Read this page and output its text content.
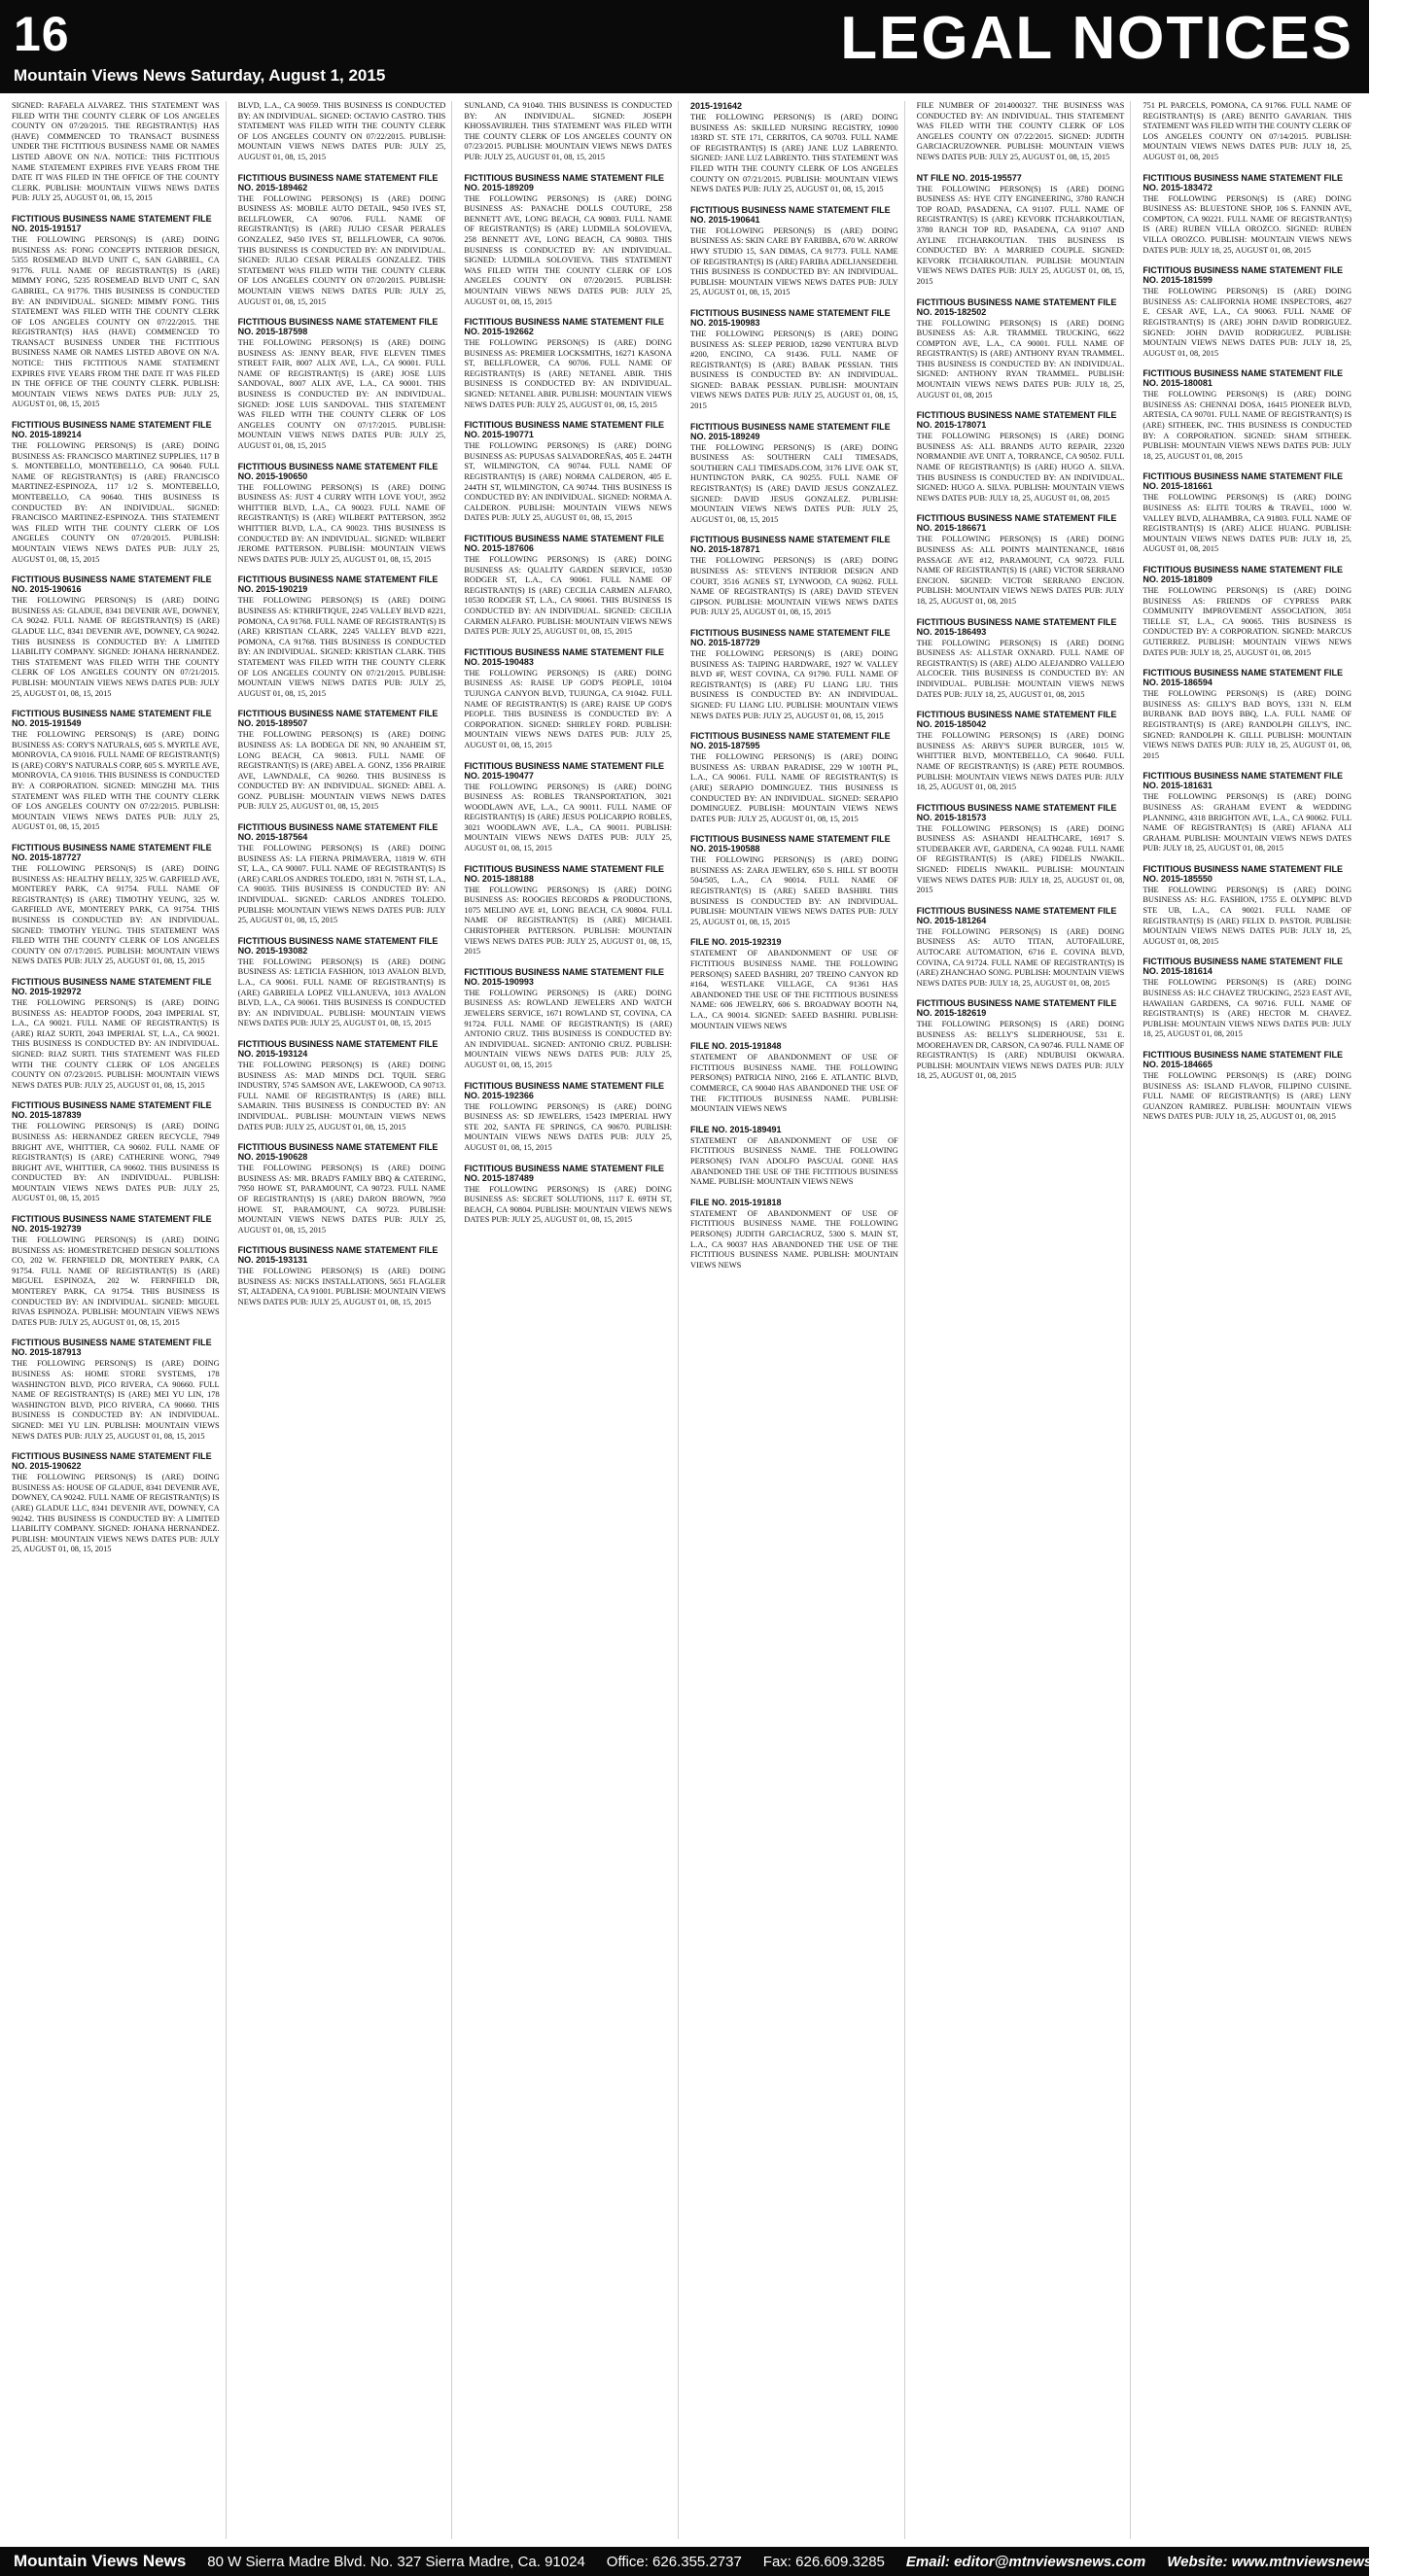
16	LEGAL NOTICES
Mountain Views News Saturday, August 1, 2015
SIGNED: RAFAELA ALVAREZ. THIS STATEMENT WAS FILED WITH THE COUNTY CLERK OF LOS ANGELES COUNTY ON 07/20/2015. THE REGISTRANT(S) HAS (HAVE) COMMENCED TO TRANSACT BUSINESS UNDER THE FICTITIOUS BUSINESS NAME OR NAMES LISTED ABOVE ON N/A. NOTICE: THIS FICTITIOUS NAME STATEMENT EXPIRES FIVE YEARS FROM THE DATE IT WAS FILED IN THE OFFICE OF THE COUNTY CLERK. PUBLISH: MOUNTAIN VIEWS NEWS DATES PUB: JULY 25, AUGUST 01, 08, 15, 2015
FICTITIOUS BUSINESS NAME STATEMENT FILE NO. 2015-191517
THE FOLLOWING PERSON(S) IS (ARE) DOING BUSINESS AS: FONG CONCEPTS INTERIOR DESIGN, 5355 ROSEMEAD BLVD UNIT C, SAN GABRIEL, CA 91776. FULL NAME OF REGISTRANT(S) IS (ARE) MIMMY FONG, 5235 ROSEMEAD BLVD UNIT C, SAN GABRIEL, CA 91776. THIS BUSINESS IS CONDUCTED BY: AN INDIVIDUAL. SIGNED: MIMMY FONG. THIS STATEMENT WAS FILED WITH THE COUNTY CLERK OF LOS ANGELES COUNTY ON 07/22/2015. THE REGISTRANT(S) HAS (HAVE) COMMENCED TO TRANSACT BUSINESS UNDER THE FICTITIOUS BUSINESS NAME OR NAMES LISTED ABOVE ON N/A. NOTICE: THIS FICTITIOUS NAME STATEMENT EXPIRES FIVE YEARS FROM THE DATE IT WAS FILED IN THE OFFICE OF THE COUNTY CLERK. PUBLISH: MOUNTAIN VIEWS NEWS DATES PUB: JULY 25, AUGUST 01, 08, 15, 2015
FICTITIOUS BUSINESS NAME STATEMENT FILE NO. 2015-189214
THE FOLLOWING PERSON(S) IS (ARE) DOING BUSINESS AS: FRANCISCO MARTINEZ SUPPLIES, 117 B S. MONTEBELLO, MONTEBELLO, CA 90640. FULL NAME OF REGISTRANT(S) IS (ARE) FRANCISCO MARTINEZ-ESPINOZA, 117 1/2 S. MONTEBELLO, MONTEBELLO, CA 90640. THIS BUSINESS IS CONDUCTED BY: AN INDIVIDUAL. SIGNED: FRANCISCO MARTINEZ-ESPINOZA. THIS STATEMENT WAS FILED WITH THE COUNTY CLERK OF LOS ANGELES COUNTY ON 07/20/2015. PUBLISH: MOUNTAIN VIEWS NEWS DATES PUB: JULY 25, AUGUST 01, 08, 15, 2015
FICTITIOUS BUSINESS NAME STATEMENT FILE NO. 2015-190616
THE FOLLOWING PERSON(S) IS (ARE) DOING BUSINESS AS: GLADUE, 8341 DEVENIR AVE, DOWNEY, CA 90242. FULL NAME OF REGISTRANT(S) IS (ARE) GLADUE LLC, 8341 DEVENIR AVE, DOWNEY, CA 90242. THIS BUSINESS IS CONDUCTED BY: A LIMITED LIABILITY COMPANY. SIGNED: JOHANA HERNANDEZ. THIS STATEMENT WAS FILED WITH THE COUNTY CLERK OF LOS ANGELES COUNTY ON 07/21/2015. PUBLISH: MOUNTAIN VIEWS NEWS DATES PUB: JULY 25, AUGUST 01, 08, 15, 2015
FICTITIOUS BUSINESS NAME STATEMENT FILE NO. 2015-191549
THE FOLLOWING PERSON(S) IS (ARE) DOING BUSINESS AS: CORY'S NATURALS, 605 S. MYRTLE AVE, MONROVIA, CA 91016. FULL NAME OF REGISTRANT(S) IS (ARE) CORY'S NATURALS CORP, 605 S. MYRTLE AVE, MONROVIA, CA 91016. THIS BUSINESS IS CONDUCTED BY: A CORPORATION. SIGNED: MINGZHI MA. THIS STATEMENT WAS FILED WITH THE COUNTY CLERK OF LOS ANGELES COUNTY ON 07/22/2015. PUBLISH: MOUNTAIN VIEWS NEWS DATES PUB: JULY 25, AUGUST 01, 08, 15, 2015
FICTITIOUS BUSINESS NAME STATEMENT FILE NO. 2015-187727
THE FOLLOWING PERSON(S) IS (ARE) DOING BUSINESS AS: HEALTHY BELLY, 325 W. GARFIELD AVE, MONTEREY PARK, CA 91754. FULL NAME OF REGISTRANT(S) IS (ARE) TIMOTHY YEUNG, 325 W. GARFIELD AVE, MONTEREY PARK, CA 91754. THIS BUSINESS IS CONDUCTED BY: AN INDIVIDUAL. SIGNED: TIMOTHY YEUNG. THIS STATEMENT WAS FILED WITH THE COUNTY CLERK OF LOS ANGELES COUNTY ON 07/17/2015. PUBLISH: MOUNTAIN VIEWS NEWS DATES PUB: JULY 25, AUGUST 01, 08, 15, 2015
FICTITIOUS BUSINESS NAME STATEMENT FILE NO. 2015-192972
THE FOLLOWING PERSON(S) IS (ARE) DOING BUSINESS AS: HEADTOP FOODS, 2043 IMPERIAL ST, L.A., CA 90021. FULL NAME OF REGISTRANT(S) IS (ARE) RIAZ SURTI, 2043 IMPERIAL ST, L.A., CA 90021. THIS BUSINESS IS CONDUCTED BY: AN INDIVIDUAL. SIGNED: RIAZ SURTI. THIS STATEMENT WAS FILED WITH THE COUNTY CLERK OF LOS ANGELES COUNTY ON 07/23/2015. PUBLISH: MOUNTAIN VIEWS NEWS DATES PUB: JULY 25, AUGUST 01, 08, 15, 2015
FICTITIOUS BUSINESS NAME STATEMENT FILE NO. 2015-187839
THE FOLLOWING PERSON(S) IS (ARE) DOING BUSINESS AS: HERNANDEZ GREEN RECYCLE, 7949 BRIGHT AVE, WHITTIER, CA 90602. FULL NAME OF REGISTRANT(S) IS (ARE) CATHERINE WONG, 7949 BRIGHT AVE, WHITTIER, CA 90602. THIS BUSINESS IS CONDUCTED BY: AN INDIVIDUAL. PUBLISH: MOUNTAIN VIEWS NEWS DATES PUB: JULY 25, AUGUST 01, 08, 15, 2015
FICTITIOUS BUSINESS NAME STATEMENT FILE NO. 2015-192739
THE FOLLOWING PERSON(S) IS (ARE) DOING BUSINESS AS: HOMESTRETCHED DESIGN SOLUTIONS CO, 202 W. FERNFIELD DR, MONTEREY PARK, CA 91754. FULL NAME OF REGISTRANT(S) IS (ARE) MIGUEL ESPINOZA, 202 W. FERNFIELD DR, MONTEREY PARK, CA 91754. THIS BUSINESS IS CONDUCTED BY: AN INDIVIDUAL. SIGNED: MIGUEL RIVAS ESPINOZA. PUBLISH: MOUNTAIN VIEWS NEWS DATES PUB: JULY 25, AUGUST 01, 08, 15, 2015
FICTITIOUS BUSINESS NAME STATEMENT FILE NO. 2015-187913
THE FOLLOWING PERSON(S) IS (ARE) DOING BUSINESS AS: HOME STORE SYSTEMS, 178 WASHINGTON BLVD, PICO RIVERA, CA 90660. FULL NAME OF REGISTRANT(S) IS (ARE) MEI YU LIN, 178 WASHINGTON BLVD, PICO RIVERA, CA 90660. THIS BUSINESS IS CONDUCTED BY: AN INDIVIDUAL. SIGNED: MEI YU LIN. PUBLISH: MOUNTAIN VIEWS NEWS DATES PUB: JULY 25, AUGUST 01, 08, 15, 2015
FICTITIOUS BUSINESS NAME STATEMENT FILE NO. 2015-190622
THE FOLLOWING PERSON(S) IS (ARE) DOING BUSINESS AS: HOUSE OF GLADUE, 8341 DEVENIR AVE, DOWNEY, CA 90242. FULL NAME OF REGISTRANT(S) IS (ARE) GLADUE LLC, 8341 DEVENIR AVE, DOWNEY, CA 90242. THIS BUSINESS IS CONDUCTED BY: A LIMITED LIABILITY COMPANY. SIGNED: JOHANA HERNANDEZ. PUBLISH: MOUNTAIN VIEWS NEWS DATES PUB: JULY 25, AUGUST 01, 08, 15, 2015
BLVD, L.A., CA 90059. THIS BUSINESS IS CONDUCTED BY: AN INDIVIDUAL. SIGNED: OCTAVIO CASTRO. THIS STATEMENT WAS FILED WITH THE COUNTY CLERK OF LOS ANGELES COUNTY ON 07/22/2015. PUBLISH: MOUNTAIN VIEWS NEWS DATES PUB: JULY 25, AUGUST 01, 08, 15, 2015
FICTITIOUS BUSINESS NAME STATEMENT FILE NO. 2015-189462
THE FOLLOWING PERSON(S) IS (ARE) DOING BUSINESS AS: MOBILE AUTO DETAIL, 9450 IVES ST, BELLFLOWER, CA 90706. FULL NAME OF REGISTRANT(S) IS (ARE) JULIO CESAR PERALES GONZALEZ, 9450 IVES ST, BELLFLOWER, CA 90706. THIS BUSINESS IS CONDUCTED BY: AN INDIVIDUAL. SIGNED: JULIO CESAR PERALES GONZALEZ. THIS STATEMENT WAS FILED WITH THE COUNTY CLERK OF LOS ANGELES COUNTY ON 07/20/2015. PUBLISH: MOUNTAIN VIEWS NEWS DATES PUB: JULY 25, AUGUST 01, 08, 15, 2015
FICTITIOUS BUSINESS NAME STATEMENT FILE NO. 2015-187598
THE FOLLOWING PERSON(S) IS (ARE) DOING BUSINESS AS: JENNY BEAR, FIVE ELEVEN TIMES STREET FAIR, 8007 ALIX AVE, L.A., CA 90001. FULL NAME OF REGISTRANT(S) IS (ARE) JOSE LUIS SANDOVAL, 8007 ALIX AVE, L.A., CA 90001. THIS BUSINESS IS CONDUCTED BY: AN INDIVIDUAL. SIGNED: JOSE LUIS SANDOVAL. THIS STATEMENT WAS FILED WITH THE COUNTY CLERK OF LOS ANGELES COUNTY ON 07/17/2015. PUBLISH: MOUNTAIN VIEWS NEWS DATES PUB: JULY 25, AUGUST 01, 08, 15, 2015
FICTITIOUS BUSINESS NAME STATEMENT FILE NO. 2015-190650
THE FOLLOWING PERSON(S) IS (ARE) DOING BUSINESS AS: JUST 4 CURRY WITH LOVE YOU!, 3952 WHITTIER BLVD, L.A., CA 90023. FULL NAME OF REGISTRANT(S) IS (ARE) WILBERT PATTERSON, 3952 WHITTIER BLVD, L.A., CA 90023. THIS BUSINESS IS CONDUCTED BY: AN INDIVIDUAL. SIGNED: WILBERT JEROME PATTERSON. PUBLISH: MOUNTAIN VIEWS NEWS DATES PUB: JULY 25, AUGUST 01, 08, 15, 2015
FICTITIOUS BUSINESS NAME STATEMENT FILE NO. 2015-190219
THE FOLLOWING PERSON(S) IS (ARE) DOING BUSINESS AS: KTHRIFTIQUE, 2245 VALLEY BLVD #221, POMONA, CA 91768. FULL NAME OF REGISTRANT(S) IS (ARE) KRISTIAN CLARK, 2245 VALLEY BLVD #221, POMONA, CA 91768. THIS BUSINESS IS CONDUCTED BY: AN INDIVIDUAL. SIGNED: KRISTIAN CLARK. THIS STATEMENT WAS FILED WITH THE COUNTY CLERK OF LOS ANGELES COUNTY ON 07/21/2015. PUBLISH: MOUNTAIN VIEWS NEWS DATES PUB: JULY 25, AUGUST 01, 08, 15, 2015
FICTITIOUS BUSINESS NAME STATEMENT FILE NO. 2015-189507
THE FOLLOWING PERSON(S) IS (ARE) DOING BUSINESS AS: LA BODEGA DE NN, 90 ANAHEIM ST, LONG BEACH, CA 90813. FULL NAME OF REGISTRANT(S) IS (ARE) ABEL A. GONZ, 1356 PRAIRIE AVE, LAWNDALE, CA 90260. THIS BUSINESS IS CONDUCTED BY: AN INDIVIDUAL. SIGNED: ABEL A. GONZ. PUBLISH: MOUNTAIN VIEWS NEWS DATES PUB: JULY 25, AUGUST 01, 08, 15, 2015
FICTITIOUS BUSINESS NAME STATEMENT FILE NO. 2015-187564
THE FOLLOWING PERSON(S) IS (ARE) DOING BUSINESS AS: LA FIERNA PRIMAVERA, 11819 W. 6TH ST, L.A., CA 90007. FULL NAME OF REGISTRANT(S) IS (ARE) CARLOS ANDRES TOLEDO, 1831 N. 76TH ST, L.A., CA 90035. THIS BUSINESS IS CONDUCTED BY: AN INDIVIDUAL. SIGNED: CARLOS ANDRES TOLEDO. PUBLISH: MOUNTAIN VIEWS NEWS DATES PUB: JULY 25, AUGUST 01, 08, 15, 2015
FICTITIOUS BUSINESS NAME STATEMENT FILE NO. 2015-193082
THE FOLLOWING PERSON(S) IS (ARE) DOING BUSINESS AS: LETICIA FASHION, 1013 AVALON BLVD, L.A., CA 90061. FULL NAME OF REGISTRANT(S) IS (ARE) GABRIELA LOPEZ VILLANUEVA, 1013 AVALON BLVD, L.A., CA 90061. THIS BUSINESS IS CONDUCTED BY: AN INDIVIDUAL. PUBLISH: MOUNTAIN VIEWS NEWS DATES PUB: JULY 25, AUGUST 01, 08, 15, 2015
FICTITIOUS BUSINESS NAME STATEMENT FILE NO. 2015-193124
THE FOLLOWING PERSON(S) IS (ARE) DOING BUSINESS AS: MAD MINDS DCL TQUIL SERG INDUSTRY, 5745 SAMSON AVE, LAKEWOOD, CA 90713. FULL NAME OF REGISTRANT(S) IS (ARE) BILL SAMARIN. THIS BUSINESS IS CONDUCTED BY: AN INDIVIDUAL. PUBLISH: MOUNTAIN VIEWS NEWS DATES PUB: JULY 25, AUGUST 01, 08, 15, 2015
FICTITIOUS BUSINESS NAME STATEMENT FILE NO. 2015-190628
THE FOLLOWING PERSON(S) IS (ARE) DOING BUSINESS AS: MR. BRAD'S FAMILY BBQ & CATERING, 7950 HOWE ST, PARAMOUNT, CA 90723. FULL NAME OF REGISTRANT(S) IS (ARE) DARON BROWN, 7950 HOWE ST, PARAMOUNT, CA 90723. PUBLISH: MOUNTAIN VIEWS NEWS DATES PUB: JULY 25, AUGUST 01, 08, 15, 2015
FICTITIOUS BUSINESS NAME STATEMENT FILE NO. 2015-193131
THE FOLLOWING PERSON(S) IS (ARE) DOING BUSINESS AS: NICKS INSTALLATIONS, 5651 FLAGLER ST, ALTADENA, CA 91001. PUBLISH: MOUNTAIN VIEWS NEWS DATES PUB: JULY 25, AUGUST 01, 08, 15, 2015
SUNLAND, CA 91040. THIS BUSINESS IS CONDUCTED BY: AN INDIVIDUAL. SIGNED: JOSEPH KHOSSAVIRIJEH. THIS STATEMENT WAS FILED WITH THE COUNTY CLERK OF LOS ANGELES COUNTY ON 07/23/2015. PUBLISH: MOUNTAIN VIEWS NEWS DATES PUB: JULY 25, AUGUST 01, 08, 15, 2015
FICTITIOUS BUSINESS NAME STATEMENT FILE NO. 2015-189209
THE FOLLOWING PERSON(S) IS (ARE) DOING BUSINESS AS: PANACHE DOLLS COUTURE, 258 BENNETT AVE, LONG BEACH, CA 90803. FULL NAME OF REGISTRANT(S) IS (ARE) LUDMILA SOLOVIEVA, 258 BENNETT AVE, LONG BEACH, CA 90803. THIS BUSINESS IS CONDUCTED BY: AN INDIVIDUAL. SIGNED: LUDMILA SOLOVIEVA. THIS STATEMENT WAS FILED WITH THE COUNTY CLERK OF LOS ANGELES COUNTY ON 07/20/2015. PUBLISH: MOUNTAIN VIEWS NEWS DATES PUB: JULY 25, AUGUST 01, 08, 15, 2015
FICTITIOUS BUSINESS NAME STATEMENT FILE NO. 2015-192662
THE FOLLOWING PERSON(S) IS (ARE) DOING BUSINESS AS: PREMIER LOCKSMITHS, 16271 KASONA ST, BELLFLOWER, CA 90706. FULL NAME OF REGISTRANT(S) IS (ARE) NETANEL ABIR. THIS BUSINESS IS CONDUCTED BY: AN INDIVIDUAL. SIGNED: NETANEL ABIR. PUBLISH: MOUNTAIN VIEWS NEWS DATES PUB: JULY 25, AUGUST 01, 08, 15, 2015
FICTITIOUS BUSINESS NAME STATEMENT FILE NO. 2015-190771
THE FOLLOWING PERSON(S) IS (ARE) DOING BUSINESS AS: PUPUSAS SALVADOREÑAS, 405 E. 244TH ST, WILMINGTON, CA 90744. FULL NAME OF REGISTRANT(S) IS (ARE) NORMA CALDERON, 405 E. 244TH ST, WILMINGTON, CA 90744. THIS BUSINESS IS CONDUCTED BY: AN INDIVIDUAL. SIGNED: NORMA A. CALDERON. PUBLISH: MOUNTAIN VIEWS NEWS DATES PUB: JULY 25, AUGUST 01, 08, 15, 2015
FICTITIOUS BUSINESS NAME STATEMENT FILE NO. 2015-187606
THE FOLLOWING PERSON(S) IS (ARE) DOING BUSINESS AS: QUALITY GARDEN SERVICE, 10530 RODGER ST, L.A., CA 90061. FULL NAME OF REGISTRANT(S) IS (ARE) CECILIA CARMEN ALFARO, 10530 RODGER ST, L.A., CA 90061. THIS BUSINESS IS CONDUCTED BY: AN INDIVIDUAL. SIGNED: CECILIA CARMEN ALFARO. PUBLISH: MOUNTAIN VIEWS NEWS DATES PUB: JULY 25, AUGUST 01, 08, 15, 2015
FICTITIOUS BUSINESS NAME STATEMENT FILE NO. 2015-190483
THE FOLLOWING PERSON(S) IS (ARE) DOING BUSINESS AS: RAISE UP GOD'S PEOPLE, 10104 TUJUNGA CANYON BLVD, TUJUNGA, CA 91042. FULL NAME OF REGISTRANT(S) IS (ARE) RAISE UP GOD'S PEOPLE. THIS BUSINESS IS CONDUCTED BY: A CORPORATION. SIGNED: SHIRLEY FORD. PUBLISH: MOUNTAIN VIEWS NEWS DATES PUB: JULY 25, AUGUST 01, 08, 15, 2015
FICTITIOUS BUSINESS NAME STATEMENT FILE NO. 2015-190477
THE FOLLOWING PERSON(S) IS (ARE) DOING BUSINESS AS: ROBLES TRANSPORTATION, 3021 WOODLAWN AVE, L.A., CA 90011. FULL NAME OF REGISTRANT(S) IS (ARE) JESUS POLICARPIO ROBLES, 3021 WOODLAWN AVE, L.A., CA 90011. PUBLISH: MOUNTAIN VIEWS NEWS DATES PUB: JULY 25, AUGUST 01, 08, 15, 2015
FICTITIOUS BUSINESS NAME STATEMENT FILE NO. 2015-188188
THE FOLLOWING PERSON(S) IS (ARE) DOING BUSINESS AS: ROOGIES RECORDS & PRODUCTIONS, 1075 MELINO AVE #1, LONG BEACH, CA 90804. FULL NAME OF REGISTRANT(S) IS (ARE) MICHAEL CHRISTOPHER PATTERSON. PUBLISH: MOUNTAIN VIEWS NEWS DATES PUB: JULY 25, AUGUST 01, 08, 15, 2015
FICTITIOUS BUSINESS NAME STATEMENT FILE NO. 2015-190993
THE FOLLOWING PERSON(S) IS (ARE) DOING BUSINESS AS: ROWLAND JEWELERS AND WATCH JEWELERS SERVICE, 1671 ROWLAND ST, COVINA, CA 91724. FULL NAME OF REGISTRANT(S) IS (ARE) ANTONIO CRUZ. THIS BUSINESS IS CONDUCTED BY: AN INDIVIDUAL. SIGNED: ANTONIO CRUZ. PUBLISH: MOUNTAIN VIEWS NEWS DATES PUB: JULY 25, AUGUST 01, 08, 15, 2015
FICTITIOUS BUSINESS NAME STATEMENT FILE NO. 2015-192366
THE FOLLOWING PERSON(S) IS (ARE) DOING BUSINESS AS: SD JEWELERS, 15423 IMPERIAL HWY STE 202, SANTA FE SPRINGS, CA 90670. PUBLISH: MOUNTAIN VIEWS NEWS DATES PUB: JULY 25, AUGUST 01, 08, 15, 2015
FICTITIOUS BUSINESS NAME STATEMENT FILE NO. 2015-187489
THE FOLLOWING PERSON(S) IS (ARE) DOING BUSINESS AS: SECRET SOLUTIONS, 1117 E. 69TH ST, BEACH, CA 90804. PUBLISH: MOUNTAIN VIEWS NEWS DATES PUB: JULY 25, AUGUST 01, 08, 15, 2015
2015-191642
THE FOLLOWING PERSON(S) IS (ARE) DOING BUSINESS AS: SKILLED NURSING REGISTRY, 10900 183RD ST. STE 171, CERRITOS, CA 90703. FULL NAME OF REGISTRANT(S) IS (ARE) JANE LUZ LABRENTO. SIGNED: JANE LUZ LABRENTO. THIS STATEMENT WAS FILED WITH THE COUNTY CLERK OF LOS ANGELES COUNTY ON 07/21/2015. PUBLISH: MOUNTAIN VIEWS NEWS DATES PUB: JULY 25, AUGUST 01, 08, 15, 2015
FICTITIOUS BUSINESS NAME STATEMENT FILE NO. 2015-190641
THE FOLLOWING PERSON(S) IS (ARE) DOING BUSINESS AS: SKIN CARE BY FARIBBA, 670 W. ARROW HWY STUDIO 15, SAN DIMAS, CA 91773. FULL NAME OF REGISTRANT(S) IS (ARE) FARIBA ADELJANSEDEHI. THIS BUSINESS IS CONDUCTED BY: AN INDIVIDUAL. PUBLISH: MOUNTAIN VIEWS NEWS DATES PUB: JULY 25, AUGUST 01, 08, 15, 2015
FICTITIOUS BUSINESS NAME STATEMENT FILE NO. 2015-190983
THE FOLLOWING PERSON(S) IS (ARE) DOING BUSINESS AS: SLEEP PERIOD, 18290 VENTURA BLVD #200, ENCINO, CA 91436. FULL NAME OF REGISTRANT(S) IS (ARE) BABAK PESSIAN. THIS BUSINESS IS CONDUCTED BY: AN INDIVIDUAL. SIGNED: BABAK PESSIAN. PUBLISH: MOUNTAIN VIEWS NEWS DATES PUB: JULY 25, AUGUST 01, 08, 15, 2015
FICTITIOUS BUSINESS NAME STATEMENT FILE NO. 2015-189249
THE FOLLOWING PERSON(S) IS (ARE) DOING BUSINESS AS: SOUTHERN CALI TIMESADS, SOUTHERN CALI TIMESADS.COM, 3176 LIVE OAK ST, HUNTINGTON PARK, CA 90255. FULL NAME OF REGISTRANT(S) IS (ARE) DAVID JESUS GONZALEZ. SIGNED: DAVID JESUS GONZALEZ. PUBLISH: MOUNTAIN VIEWS NEWS DATES PUB: JULY 25, AUGUST 01, 08, 15, 2015
FICTITIOUS BUSINESS NAME STATEMENT FILE NO. 2015-187871
THE FOLLOWING PERSON(S) IS (ARE) DOING BUSINESS AS: STEVEN'S INTERIOR DESIGN AND COURT, 3516 AGNES ST, LYNWOOD, CA 90262. FULL NAME OF REGISTRANT(S) IS (ARE) DAVID STEVEN GIPSON. PUBLISH: MOUNTAIN VIEWS NEWS DATES PUB: JULY 25, AUGUST 01, 08, 15, 2015
FICTITIOUS BUSINESS NAME STATEMENT FILE NO. 2015-187729
THE FOLLOWING PERSON(S) IS (ARE) DOING BUSINESS AS: TAIPING HARDWARE, 1927 W. VALLEY BLVD #F, WEST COVINA, CA 91790. FULL NAME OF REGISTRANT(S) IS (ARE) FU LIANG LIU. THIS BUSINESS IS CONDUCTED BY: AN INDIVIDUAL. SIGNED: FU LIANG LIU. PUBLISH: MOUNTAIN VIEWS NEWS DATES PUB: JULY 25, AUGUST 01, 08, 15, 2015
FICTITIOUS BUSINESS NAME STATEMENT FILE NO. 2015-187595
THE FOLLOWING PERSON(S) IS (ARE) DOING BUSINESS AS: URBAN PARADISE, 229 W 100TH PL, L.A., CA 90061. FULL NAME OF REGISTRANT(S) IS (ARE) SERAPIO DOMINGUEZ. THIS BUSINESS IS CONDUCTED BY: AN INDIVIDUAL. SIGNED: SERAPIO DOMINGUEZ. PUBLISH: MOUNTAIN VIEWS NEWS DATES PUB: JULY 25, AUGUST 01, 08, 15, 2015
FICTITIOUS BUSINESS NAME STATEMENT FILE NO. 2015-190588
THE FOLLOWING PERSON(S) IS (ARE) DOING BUSINESS AS: ZARA JEWELRY, 650 S. HILL ST BOOTH 504/505, L.A., CA 90014. FULL NAME OF REGISTRANT(S) IS (ARE) SAEED BASHIRI. THIS BUSINESS IS CONDUCTED BY: AN INDIVIDUAL. PUBLISH: MOUNTAIN VIEWS NEWS DATES PUB: JULY 25, AUGUST 01, 08, 15, 2015
FILE NO. 2015-192319
STATEMENT OF ABANDONMENT OF USE OF FICTITIOUS BUSINESS NAME. THE FOLLOWING PERSON(S) SAEED BASHIRI, 207 TREINO CANYON RD #164, WESTLAKE VILLAGE, CA 91361 HAS ABANDONED THE USE OF THE FICTITIOUS BUSINESS NAME: 606 JEWELRY, 606 S. BROADWAY BOOTH N4, L.A., CA 90014. SIGNED: SAEED BASHIRI. PUBLISH: MOUNTAIN VIEWS NEWS
FILE NO. 2015-191848
STATEMENT OF ABANDONMENT OF USE OF FICTITIOUS BUSINESS NAME. THE FOLLOWING PERSON(S) PATRICIA NINO, 2166 E. ATLANTIC BLVD, COMMERCE, CA 90040 HAS ABANDONED THE USE OF THE FICTITIOUS BUSINESS NAME. PUBLISH: MOUNTAIN VIEWS NEWS
FILE NO. 2015-189491
STATEMENT OF ABANDONMENT OF USE OF FICTITIOUS BUSINESS NAME. THE FOLLOWING PERSON(S) IVAN ADOLFO PASCUAL GONE HAS ABANDONED THE USE OF THE FICTITIOUS BUSINESS NAME. PUBLISH: MOUNTAIN VIEWS NEWS
FILE NO. 2015-191818
STATEMENT OF ABANDONMENT OF USE OF FICTITIOUS BUSINESS NAME. THE FOLLOWING PERSON(S) JUDITH GARCIACRUZ, 5300 S. MAIN ST, L.A., CA 90037 HAS ABANDONED THE USE OF THE FICTITIOUS BUSINESS NAME. PUBLISH: MOUNTAIN VIEWS NEWS
FILE NUMBER OF 2014000327. THE BUSINESS WAS CONDUCTED BY: AN INDIVIDUAL. THIS STATEMENT WAS FILED WITH THE COUNTY CLERK OF LOS ANGELES COUNTY ON 07/22/2015. SIGNED: JUDITH GARCIACRUZOWNER. PUBLISH: MOUNTAIN VIEWS NEWS DATES PUB: JULY 25, AUGUST 01, 08, 15, 2015
NT FILE NO. 2015-195577
THE FOLLOWING PERSON(S) IS (ARE) DOING BUSINESS AS: HYE CITY ENGINEERING, 3780 RANCH TOP ROAD, PASADENA, CA 91107. FULL NAME OF REGISTRANT(S) IS (ARE) KEVORK ITCHARKOUTIAN, 3780 RANCH TOP RD, PASADENA, CA 91107 AND AYLINE ITCHARKOUTIAN. THIS BUSINESS IS CONDUCTED BY: A MARRIED COUPLE. SIGNED: KEVORK ITCHARKOUTIAN. PUBLISH: MOUNTAIN VIEWS NEWS DATES PUB: JULY 25, AUGUST 01, 08, 15, 2015
FICTITIOUS BUSINESS NAME STATEMENT FILE NO. 2015-182502
THE FOLLOWING PERSON(S) IS (ARE) DOING BUSINESS AS: A.R. TRAMMEL TRUCKING, 6622 COMPTON AVE, L.A., CA 90001. FULL NAME OF REGISTRANT(S) IS (ARE) ANTHONY RYAN TRAMMEL. THIS BUSINESS IS CONDUCTED BY: AN INDIVIDUAL. SIGNED: ANTHONY RYAN TRAMMEL. PUBLISH: MOUNTAIN VIEWS NEWS DATES PUB: JULY 18, 25, AUGUST 01, 08, 2015
FICTITIOUS BUSINESS NAME STATEMENT FILE NO. 2015-178071
THE FOLLOWING PERSON(S) IS (ARE) DOING BUSINESS AS: ALL BRANDS AUTO REPAIR, 22320 NORMANDIE AVE UNIT A, TORRANCE, CA 90502. FULL NAME OF REGISTRANT(S) IS (ARE) HUGO A. SILVA. THIS BUSINESS IS CONDUCTED BY: AN INDIVIDUAL. SIGNED: HUGO A. SILVA. PUBLISH: MOUNTAIN VIEWS NEWS DATES PUB: JULY 18, 25, AUGUST 01, 08, 2015
FICTITIOUS BUSINESS NAME STATEMENT FILE NO. 2015-186671
THE FOLLOWING PERSON(S) IS (ARE) DOING BUSINESS AS: ALL POINTS MAINTENANCE, 16816 PASSAGE AVE #12, PARAMOUNT, CA 90723. FULL NAME OF REGISTRANT(S) IS (ARE) VICTOR SERRANO ENCION. SIGNED: VICTOR SERRANO ENCION. PUBLISH: MOUNTAIN VIEWS NEWS DATES PUB: JULY 18, 25, AUGUST 01, 08, 2015
FICTITIOUS BUSINESS NAME STATEMENT FILE NO. 2015-186493
THE FOLLOWING PERSON(S) IS (ARE) DOING BUSINESS AS: ALLSTAR OXNARD. FULL NAME OF REGISTRANT(S) IS (ARE) ALDO ALEJANDRO VALLEJO ALCOCER. THIS BUSINESS IS CONDUCTED BY: AN INDIVIDUAL. PUBLISH: MOUNTAIN VIEWS NEWS DATES PUB: JULY 18, 25, AUGUST 01, 08, 2015
FICTITIOUS BUSINESS NAME STATEMENT FILE NO. 2015-185042
THE FOLLOWING PERSON(S) IS (ARE) DOING BUSINESS AS: ARBY'S SUPER BURGER, 1015 W. WHITTIER BLVD, MONTEBELLO, CA 90640. FULL NAME OF REGISTRANT(S) IS (ARE) PETE ROUMBOS. PUBLISH: MOUNTAIN VIEWS NEWS DATES PUB: JULY 18, 25, AUGUST 01, 08, 2015
FICTITIOUS BUSINESS NAME STATEMENT FILE NO. 2015-181573
THE FOLLOWING PERSON(S) IS (ARE) DOING BUSINESS AS: ASHANDI HEALTHCARE, 16917 S. STUDEBAKER AVE, GARDENA, CA 90248. FULL NAME OF REGISTRANT(S) IS (ARE) FIDELIS NWAKIL. SIGNED: FIDELIS NWAKIL. PUBLISH: MOUNTAIN VIEWS NEWS DATES PUB: JULY 18, 25, AUGUST 01, 08, 2015
FICTITIOUS BUSINESS NAME STATEMENT FILE NO. 2015-181264
THE FOLLOWING PERSON(S) IS (ARE) DOING BUSINESS AS: AUTO TITAN, AUTOFAILURE, AUTOCARE AUTOMATION, 6716 E. COVINA BLVD, COVINA, CA 91724. FULL NAME OF REGISTRANT(S) IS (ARE) ZHANCHAO SONG. PUBLISH: MOUNTAIN VIEWS NEWS DATES PUB: JULY 18, 25, AUGUST 01, 08, 2015
FICTITIOUS BUSINESS NAME STATEMENT FILE NO. 2015-182619
THE FOLLOWING PERSON(S) IS (ARE) DOING BUSINESS AS: BELLY'S SLIDERHOUSE, 531 E. MOOREHAVEN DR, CARSON, CA 90746. FULL NAME OF REGISTRANT(S) IS (ARE) NDUBUISI OKWARA. PUBLISH: MOUNTAIN VIEWS NEWS DATES PUB: JULY 18, 25, AUGUST 01, 08, 2015
751 PL PARCELS, POMONA, CA 91766. FULL NAME OF REGISTRANT(S) IS (ARE) BENITO GAVARIAN. THIS STATEMENT WAS FILED WITH THE COUNTY CLERK OF LOS ANGELES COUNTY ON 07/14/2015. PUBLISH: MOUNTAIN VIEWS NEWS DATES PUB: JULY 18, 25, AUGUST 01, 08, 2015
FICTITIOUS BUSINESS NAME STATEMENT FILE NO. 2015-183472
THE FOLLOWING PERSON(S) IS (ARE) DOING BUSINESS AS: BLUESTONE SHOP, 106 S. FANNIN AVE, COMPTON, CA 90221. FULL NAME OF REGISTRANT(S) IS (ARE) RUBEN VILLA OROZCO. SIGNED: RUBEN VILLA OROZCO. PUBLISH: MOUNTAIN VIEWS NEWS DATES PUB: JULY 18, 25, AUGUST 01, 08, 2015
FICTITIOUS BUSINESS NAME STATEMENT FILE NO. 2015-181599
THE FOLLOWING PERSON(S) IS (ARE) DOING BUSINESS AS: CALIFORNIA HOME INSPECTORS, 4627 E. CESAR AVE, L.A., CA 90063. FULL NAME OF REGISTRANT(S) IS (ARE) JOHN DAVID RODRIGUEZ. SIGNED: JOHN DAVID RODRIGUEZ. PUBLISH: MOUNTAIN VIEWS NEWS DATES PUB: JULY 18, 25, AUGUST 01, 08, 2015
FICTITIOUS BUSINESS NAME STATEMENT FILE NO. 2015-180081
THE FOLLOWING PERSON(S) IS (ARE) DOING BUSINESS AS: CHENNAI DOSA, 16415 PIONEER BLVD, ARTESIA, CA 90701. FULL NAME OF REGISTRANT(S) IS (ARE) SITHEEK, INC. THIS BUSINESS IS CONDUCTED BY: A CORPORATION. SIGNED: SHAM SITHEEK. PUBLISH: MOUNTAIN VIEWS NEWS DATES PUB: JULY 18, 25, AUGUST 01, 08, 2015
FICTITIOUS BUSINESS NAME STATEMENT FILE NO. 2015-181661
THE FOLLOWING PERSON(S) IS (ARE) DOING BUSINESS AS: ELITE TOURS & TRAVEL, 1000 W. VALLEY BLVD, ALHAMBRA, CA 91803. FULL NAME OF REGISTRANT(S) IS (ARE) ALICE HUANG. PUBLISH: MOUNTAIN VIEWS NEWS DATES PUB: JULY 18, 25, AUGUST 01, 08, 2015
FICTITIOUS BUSINESS NAME STATEMENT FILE NO. 2015-181809
THE FOLLOWING PERSON(S) IS (ARE) DOING BUSINESS AS: FRIENDS OF CYPRESS PARK COMMUNITY IMPROVEMENT ASSOCIATION, 3051 TIELLE ST, L.A., CA 90065. THIS BUSINESS IS CONDUCTED BY: A CORPORATION. SIGNED: MARCUS GUTIERREZ. PUBLISH: MOUNTAIN VIEWS NEWS DATES PUB: JULY 18, 25, AUGUST 01, 08, 2015
FICTITIOUS BUSINESS NAME STATEMENT FILE NO. 2015-186594
THE FOLLOWING PERSON(S) IS (ARE) DOING BUSINESS AS: GILLY'S BAD BOYS, 1331 N. ELM BURBANK BAD BOYS BBQ, L.A. FULL NAME OF REGISTRANT(S) IS (ARE) RANDOLPH GILLY'S, INC. SIGNED: RANDOLPH K. GILLI. PUBLISH: MOUNTAIN VIEWS NEWS DATES PUB: JULY 18, 25, AUGUST 01, 08, 2015
FICTITIOUS BUSINESS NAME STATEMENT FILE NO. 2015-181631
THE FOLLOWING PERSON(S) IS (ARE) DOING BUSINESS AS: GRAHAM EVENT & WEDDING PLANNING, 4318 BRIGHTON AVE, L.A., CA 90062. FULL NAME OF REGISTRANT(S) IS (ARE) AFIANA ALI GRAHAM. PUBLISH: MOUNTAIN VIEWS NEWS DATES PUB: JULY 18, 25, AUGUST 01, 08, 2015
FICTITIOUS BUSINESS NAME STATEMENT FILE NO. 2015-185550
THE FOLLOWING PERSON(S) IS (ARE) DOING BUSINESS AS: H.G. FASHION, 1755 E. OLYMPIC BLVD STE UB, L.A., CA 90021. FULL NAME OF REGISTRANT(S) IS (ARE) FELIX D. PASTOR. PUBLISH: MOUNTAIN VIEWS NEWS DATES PUB: JULY 18, 25, AUGUST 01, 08, 2015
FICTITIOUS BUSINESS NAME STATEMENT FILE NO. 2015-181614
THE FOLLOWING PERSON(S) IS (ARE) DOING BUSINESS AS: H.C CHAVEZ TRUCKING, 2523 EAST AVE, HAWAIIAN GARDENS, CA 90716. FULL NAME OF REGISTRANT(S) IS (ARE) HECTOR M. CHAVEZ. PUBLISH: MOUNTAIN VIEWS NEWS DATES PUB: JULY 18, 25, AUGUST 01, 08, 2015
FICTITIOUS BUSINESS NAME STATEMENT FILE NO. 2015-184665
THE FOLLOWING PERSON(S) IS (ARE) DOING BUSINESS AS: ISLAND FLAVOR, FILIPINO CUISINE. FULL NAME OF REGISTRANT(S) IS (ARE) LENY GUANZON RAMIREZ. PUBLISH: MOUNTAIN VIEWS NEWS DATES PUB: JULY 18, 25, AUGUST 01, 08, 2015
Mountain Views News 80 W Sierra Madre Blvd. No. 327 Sierra Madre, Ca. 91024 Office: 626.355.2737 Fax: 626.609.3285 Email: editor@mtnviewsnews.com Website: www.mtnviewsnews.com
